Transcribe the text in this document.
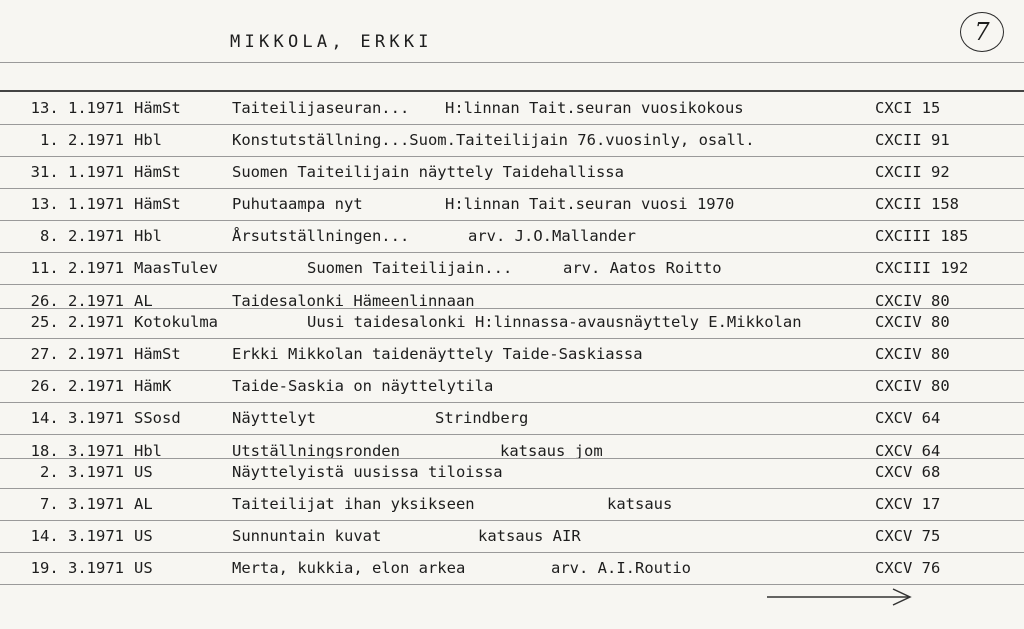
MIKKOLA, ERKKI	7
13. 1.1971 HämSt	Taiteilijaseuran... H:linnan Tait.seuran vuosikokous	CXCI 15
1. 2.1971 Hbl	Konstutställning...Suom.Taiteilijain 76.vuosinly, osall.	CXCII 91
31. 1.1971 HämSt	Suomen Taiteilijain näyttely Taidehallissa	CXCII 92
13. 1.1971 HämSt	Puhutaampa nyt	H:linnan Tait.seuran vuosi 1970	CXCII 158
8. 2.1971 Hbl	Årsutställningen...	arv. J.O.Mallander	CXCIII 185
11. 2.1971 MaasTulev	Suomen Taiteilijain...	arv. Aatos Roitto	CXCIII 192
26. 2.1971 AL	Taidesalonki Hämeenlinnaan	CXCIV 80
25. 2.1971 Kotokulma	Uusi taidesalonki H:linnassa-avausnäyttely E.Mikkolan	CXCIV 80
27. 2.1971 HämSt	Erkki Mikkolan taidenäyttely Taide-Saskiassa	CXCIV 80
26. 2.1971 HämK	Taide-Saskia on näyttelytila	CXCIV 80
14. 3.1971 SSosd	Näyttelyt	Strindberg	CXCV 64
18. 3.1971 Hbl	Utställningsronden	katsaus jom	CXCV 64
2. 3.1971 US	Näyttelyistä uusissa tiloissa	CXCV 68
7. 3.1971 AL	Taiteilijat ihan yksikseen	katsaus	CXCV 17
14. 3.1971 US	Sunnuntain kuvat	katsaus AIR	CXCV 75
19. 3.1971 US	Merta, kukkia, elon arkea	arv. A.I.Routio	CXCV 76
